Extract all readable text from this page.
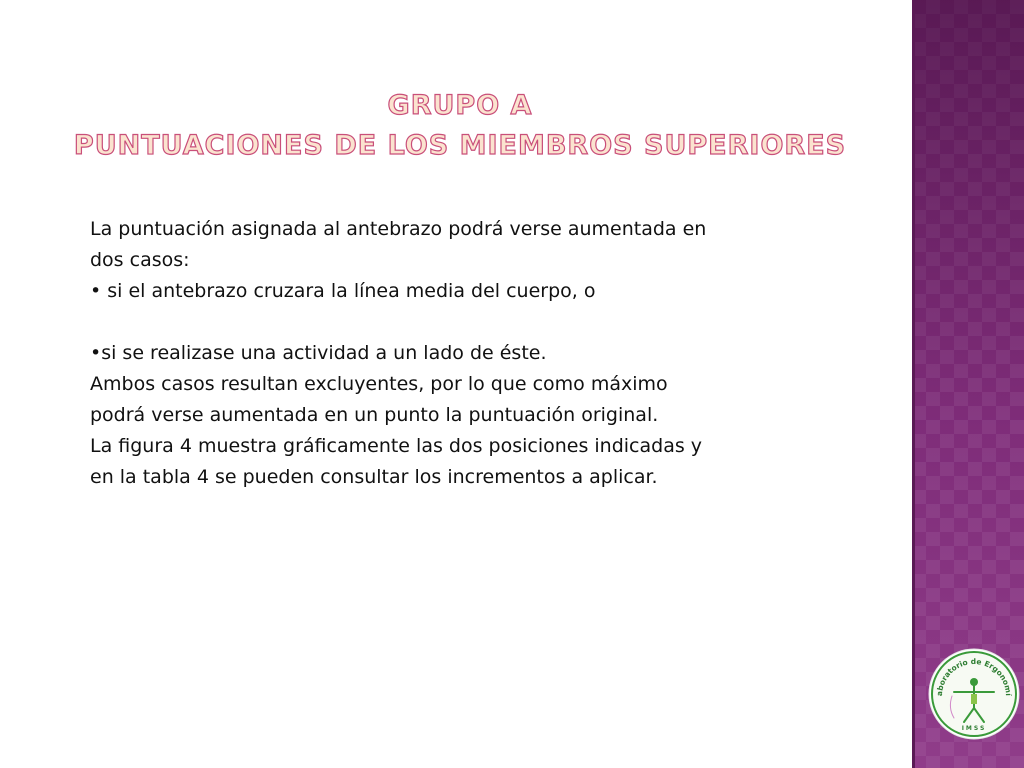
GRUPO A
PUNTUACIONES DE LOS MIEMBROS SUPERIORES
La puntuación asignada al antebrazo podrá verse aumentada en
dos casos:
• si el antebrazo cruzara la línea media del cuerpo, o
•si se realizase una actividad a un lado de éste.
Ambos casos resultan excluyentes, por lo que como máximo
podrá verse aumentada en un punto la puntuación original.
La figura 4 muestra gráficamente las dos posiciones indicadas y
en la tabla 4 se pueden consultar los incrementos a aplicar.
aboratorio de Ergonomí
IMSS
